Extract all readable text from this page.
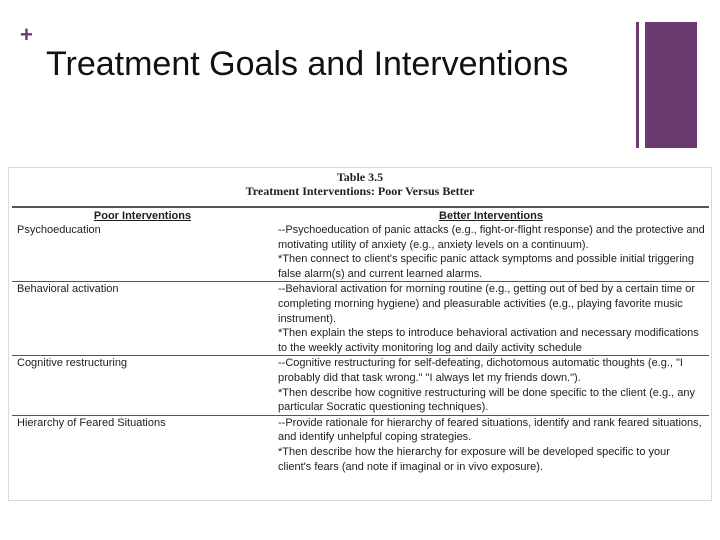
+
Treatment Goals and Interventions
Table 3.5
Treatment Interventions: Poor Versus Better
Poor Interventions	Better Interventions
Psychoeducation	--Psychoeducation of panic attacks (e.g., fight-or-flight response) and the protective and motivating utility of anxiety (e.g., anxiety levels on a continuum).
*Then connect to client's specific panic attack symptoms and possible initial triggering false alarm(s) and current learned alarms.

Behavioral activation	--Behavioral activation for morning routine (e.g., getting out of bed by a certain time or completing morning hygiene) and pleasurable activities (e.g., playing favorite music instrument).
*Then explain the steps to introduce behavioral activation and necessary modifications to the weekly activity monitoring log and daily activity schedule

Cognitive restructuring	--Cognitive restructuring for self-defeating, dichotomous automatic thoughts (e.g., "I probably did that task wrong." "I always let my friends down.").
*Then describe how cognitive restructuring will be done specific to the client (e.g., any particular Socratic questioning techniques).

Hierarchy of Feared Situations	--Provide rationale for hierarchy of feared situations, identify and rank feared situations, and identify unhelpful coping strategies.
*Then describe how the hierarchy for exposure will be developed specific to your client's fears (and note if imaginal or in vivo exposure).
